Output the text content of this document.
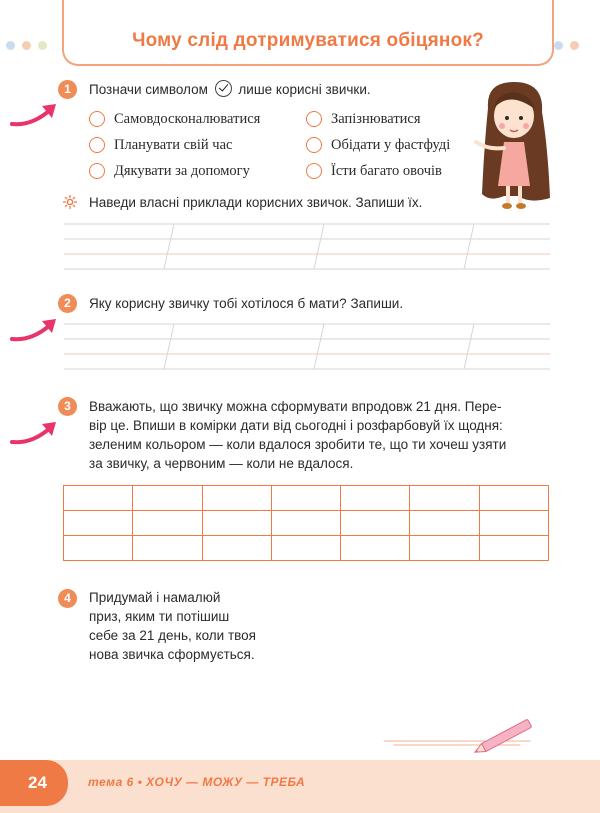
Чому слід дотримуватися обіцянок?
1	Позначи символом лише корисні звички.
Самовдосконалюватися
Планувати свій час
Дякувати за допомогу
Запізнюватися
Обідати у фастфуді
Їсти багато овочів
Наведи власні приклади корисних звичок. Запиши їх.
2	Яку корисну звичку тобі хотілося б мати? Запиши.
3	Вважають, що звичку можна сформувати впродовж 21 дня. Пере-
вір це. Впиши в комірки дати від сьогодні і розфарбовуй їх щодня:
зеленим кольором — коли вдалося зробити те, що ти хочеш узяти
за звичку, а червоним — коли не вдалося.

4	Придумай і намалюй
приз, яким ти потішиш
себе за 21 день, коли твоя
нова звичка сформується.
24	тема 6 • ХОЧУ — МОЖУ — ТРЕБА
